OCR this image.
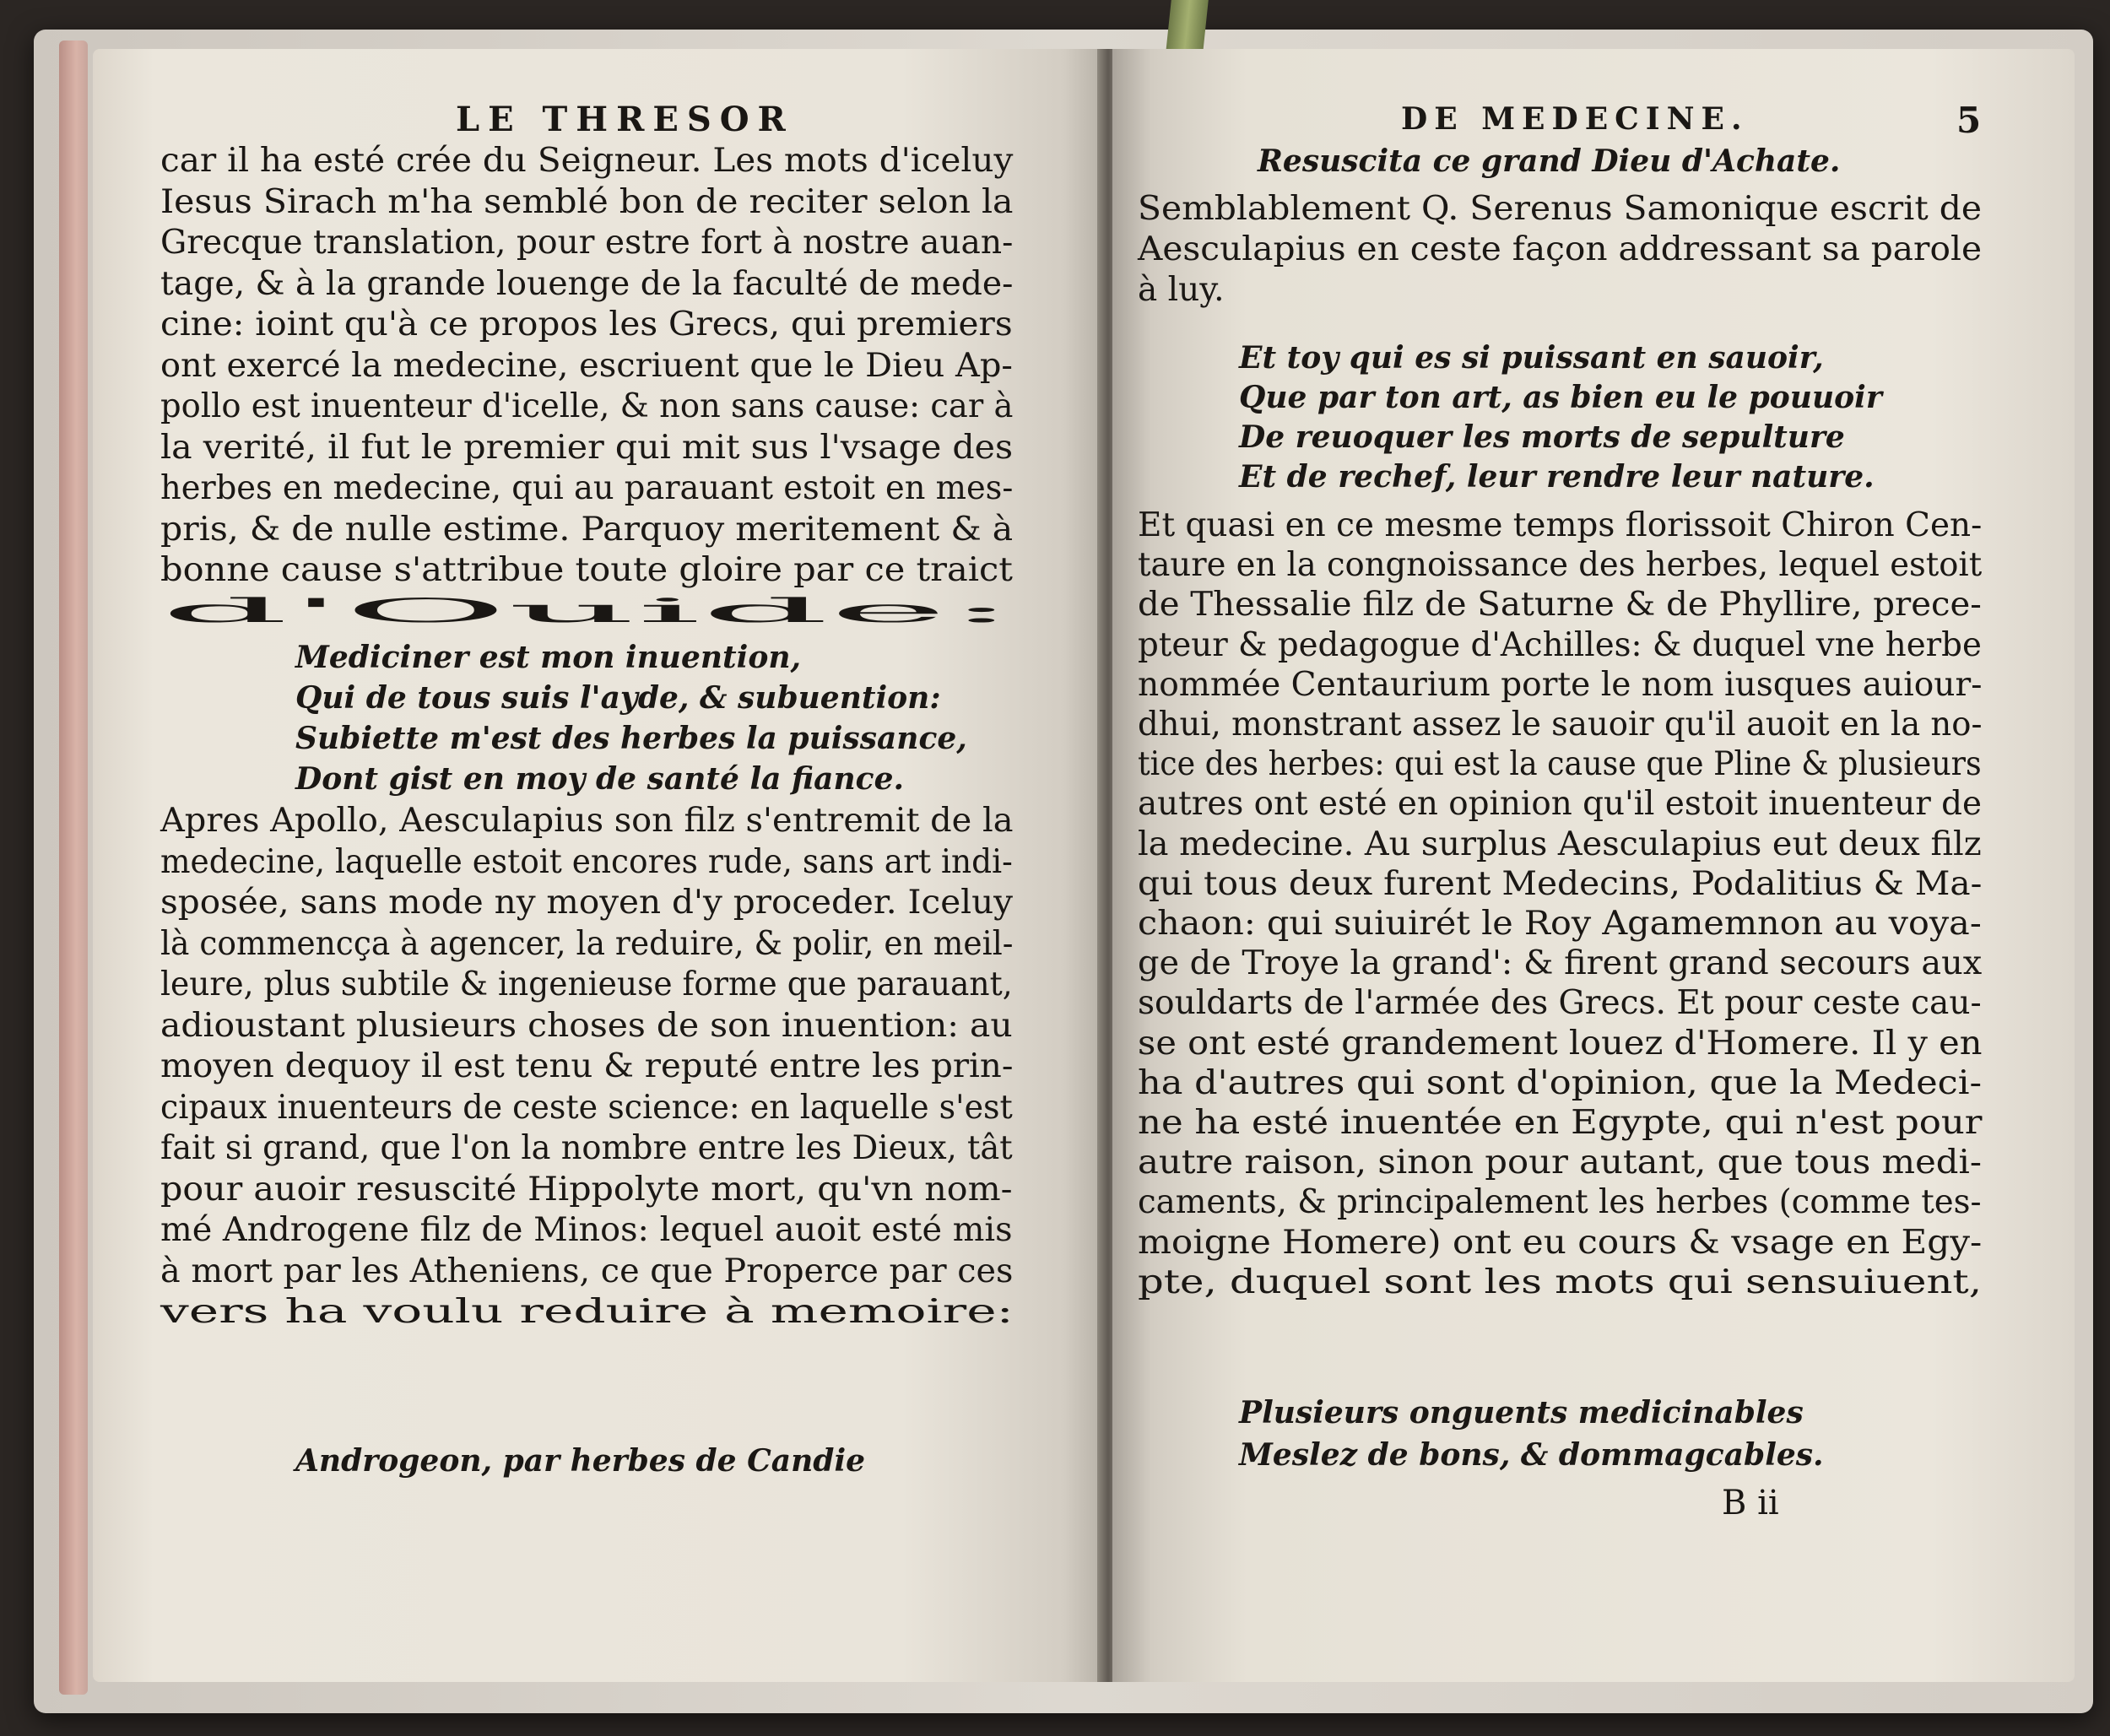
LE THRESOR
car il ha esté crée du Seigneur. Les mots d'iceluy
Iesus Sirach m'ha semblé bon de reciter selon la
Grecque translation, pour estre fort à nostre auan-
tage, & à la grande louenge de la faculté de mede-
cine: ioint qu'à ce propos les Grecs, qui premiers
ont exercé la medecine, escriuent que le Dieu Ap-
pollo est inuenteur d'icelle, & non sans cause: car à
la verité, il fut le premier qui mit sus l'vsage des
herbes en medecine, qui au parauant estoit en mes-
pris, & de nulle estime. Parquoy meritement & à
bonne cause s'attribue toute gloire par ce traict
d'Ouide:
Mediciner est mon inuention,
Qui de tous suis l'ayde, & subuention:
Subiette m'est des herbes la puissance,
Dont gist en moy de santé la fiance.
Apres Apollo, Aesculapius son filz s'entremit de la
medecine, laquelle estoit encores rude, sans art indi-
sposée, sans mode ny moyen d'y proceder. Iceluy
là commencça à agencer, la reduire, & polir, en meil-
leure, plus subtile & ingenieuse forme que parauant,
adioustant plusieurs choses de son inuention: au
moyen dequoy il est tenu & reputé entre les prin-
cipaux inuenteurs de ceste science: en laquelle s'est
fait si grand, que l'on la nombre entre les Dieux, tât
pour auoir resuscité Hippolyte mort, qu'vn nom-
mé Androgene filz de Minos: lequel auoit esté mis
à mort par les Atheniens, ce que Properce par ces
vers ha voulu reduire à memoire:
Androgeon, par herbes de Candie
DE MEDECINE.	5
Resuscita ce grand Dieu d'Achate.
Semblablement Q. Serenus Samonique escrit de
Aesculapius en ceste façon addressant sa parole
à luy.
Et toy qui es si puissant en sauoir,
Que par ton art, as bien eu le pouuoir
De reuoquer les morts de sepulture
Et de rechef, leur rendre leur nature.
Et quasi en ce mesme temps florissoit Chiron Cen-
taure en la congnoissance des herbes, lequel estoit
de Thessalie filz de Saturne & de Phyllire, prece-
pteur & pedagogue d'Achilles: & duquel vne herbe
nommée Centaurium porte le nom iusques auiour-
dhui, monstrant assez le sauoir qu'il auoit en la no-
tice des herbes: qui est la cause que Pline & plusieurs
autres ont esté en opinion qu'il estoit inuenteur de
la medecine. Au surplus Aesculapius eut deux filz
qui tous deux furent Medecins, Podalitius & Ma-
chaon: qui suiuirét le Roy Agamemnon au voya-
ge de Troye la grand': & firent grand secours aux
souldarts de l'armée des Grecs. Et pour ceste cau-
se ont esté grandement louez d'Homere. Il y en
ha d'autres qui sont d'opinion, que la Medeci-
ne ha esté inuentée en Egypte, qui n'est pour
autre raison, sinon pour autant, que tous medi-
caments, & principalement les herbes (comme tes-
moigne Homere) ont eu cours & vsage en Egy-
pte, duquel sont les mots qui sensuiuent,
Plusieurs onguents medicinables
Meslez de bons, & dommagcables.
B ii
